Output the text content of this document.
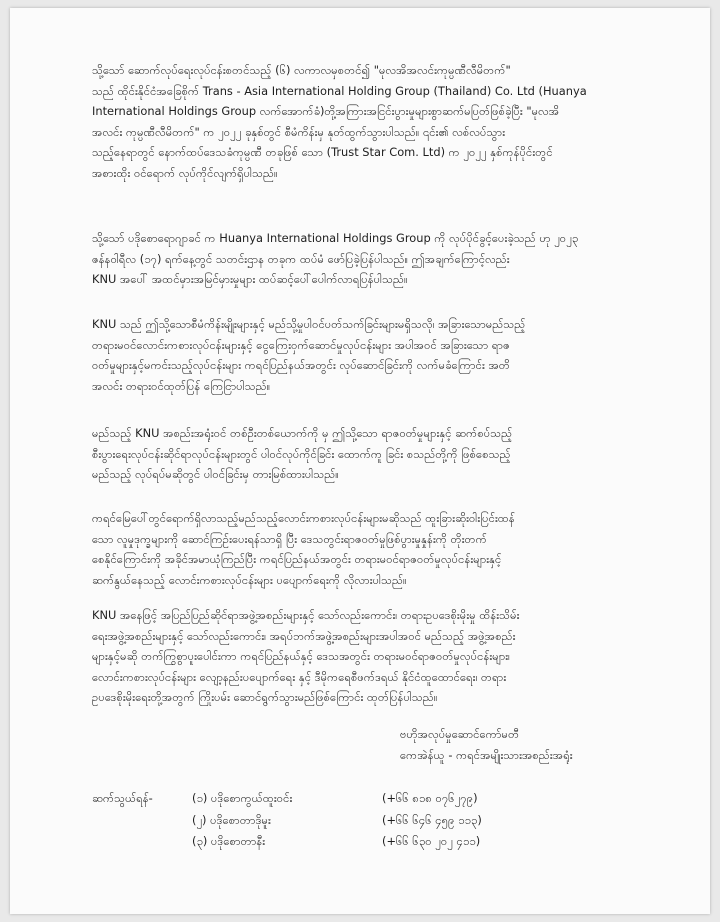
သို့သော် ဆောက်လုပ်ရေးလုပ်ငန်းစတင်သည့် (၆) လကာလမှစတင်၍ "မုလအိအလင်းကုမ္ပဏီလီမိတက်"
သည် ထိုင်းနိုင်ငံအခြေစိုက် Trans - Asia International Holding Group (Thailand) Co. Ltd (Huanya
International Holdings Group လက်အောက်ခံ)တို့အကြားအငြင်းပွားမှုများစွာဆက်မပြတ်ဖြစ်ခဲ့ပြီး "မုလအိ
အလင်း ကုမ္ပဏီလီမိတက်" က ၂၀၂၂ ခုနှစ်တွင် စီမံကိန်းမှ နုတ်ထွက်သွားပါသည်။ ၎င်း၏ လစ်လပ်သွား
သည့်နေရာတွင် နောက်ထပ်ဒေသခံကုမ္ပဏီ တခုဖြစ် သော (Trust Star Com. Ltd) က ၂၀၂၂ နှစ်ကုန်ပိုင်းတွင်
အစားထိုး ဝင်ရောက် လုပ်ကိုင်လျက်ရှိပါသည်။

သို့သော် ပဒိုစောရောဂျာခင် က Huanya International Holdings Group ကို လုပ်ပိုင်ခွင့်ပေးခဲ့သည် ဟု ၂၀၂၃
ဇန်နဝါရီလ (၁၇) ရက်နေ့တွင် သတင်းဌာန တခုက ထပ်မံ ဖော်ပြခဲ့ပြန်ပါသည်။ ဤအချက်ကြောင့်လည်း
KNU အပေါ် အထင်မှားအမြင်မှားမှုများ ထပ်ဆင့်ပေါ်ပေါက်လာရပြန်ပါသည်။

KNU သည် ဤသို့သောစီမံကိန်းမျိုးများနှင့် မည်သို့မှုပါဝင်ပတ်သက်ခြင်းများမရှိသလို၊ အခြားသောမည်သည့်
တရားမဝင်လောင်းကစားလုပ်ငန်းများနှင့် ငွေကြေးဝှက်ဆောင်မှုလုပ်ငန်းများ အပါအဝင် အခြားသော ရာဇ
ဝတ်မှုများနှင့်မကင်းသည့်လုပ်ငန်းများ ကရင်ပြည်နယ်အတွင်း လုပ်ဆောင်ခြင်းကို လက်မခံကြောင်း အတိ
အလင်း တရားဝင်ထုတ်ပြန် ကြေငြာပါသည်။

မည်သည့် KNU အစည်းအရုံးဝင် တစ်ဦးတစ်ယောက်ကို မှ ဤသို့သော ရာဇဝတ်မှုများနှင့် ဆက်စပ်သည့်
စီးပွားရေးလုပ်ငန်းဆိုင်ရာလုပ်ငန်းများတွင် ပါဝင်လုပ်ကိုင်ခြင်း ထောက်ကူ ခြင်း စသည်တို့ကို ဖြစ်စေသည့်
မည်သည့် လုပ်ရပ်မဆိုတွင် ပါဝင်ခြင်းမှ တားမြစ်ထားပါသည်။

ကရင်မြေပေါ်တွင်ရောက်ရှိလာသည့်မည်သည့်လောင်းကစားလုပ်ငန်းများမဆိုသည် ထူးခြားဆိုးဝါးပြင်းထန်
သော လူမှုဒုက္ခများကို ဆောင်ကြဉ်းပေးရန်သာရှိ ပြီး ဒေသတွင်းရာဇဝတ်မှုဖြစ်ပွားမှုနှုန်းကို တိုးတက်
စေနိုင်ကြောင်းကို အခိုင်အမာယုံကြည်ပြီး ကရင်ပြည်နယ်အတွင်း တရားမဝင်ရာဇဝတ်မှုလုပ်ငန်းများနှင့်
ဆက်နွယ်နေသည့် လောင်းကစားလုပ်ငန်းများ ပပျောက်ရေးကို လိုလားပါသည်။

KNU အနေဖြင့် အပြည်ပြည်ဆိုင်ရာအဖွဲ့အစည်းများနှင့် သော်လည်းကောင်း၊ တရားဥပဒေစိုးမိုးမှု ထိန်းသိမ်း
ရေးအဖွဲ့အစည်းများနှင့် သော်လည်းကောင်း၊ အရပ်ဘက်အဖွဲ့အစည်းများအပါအဝင် မည်သည့် အဖွဲ့အစည်း
များနှင့်မဆို တက်ကြွစွာပူးပေါင်းကာ ကရင်ပြည်နယ်နှင့် ဒေသအတွင်း တရားမဝင်ရာဇဝတ်မှုလုပ်ငန်းများ၊
လောင်းကစားလုပ်ငန်းများ လျော့နည်းပပျောက်ရေး နှင့် ဒီမိုကရေစီဖက်ဒရယ် နိုင်ငံထူထောင်ရေး၊ တရား
ဥပဒေစိုးမိုးရေးတို့အတွက် ကြိုးပမ်း ဆောင်ရွက်သွားမည်ဖြစ်ကြောင်း ထုတ်ပြန်ပါသည်။

ဗဟိုအလုပ်မှုဆောင်ကော်မတီ
ကေအဲန်ယူ - ကရင်အမျိုးသားအစည်းအရုံး
ဆက်သွယ်ရန်-	(၁) ပဒိုစောကွယ်ထူးဝင်း	(+၆၆ ၈၁၈ ၀၇၆၂၇၉)
(၂) ပဒိုစောတာဒိုမူး	(+၆၆ ၆၄၆ ၄၅၉ ၁၁၃)
(၃) ပဒိုစောတာနီး	(+၆၆ ၆၃၀ ၂၀၂ ၄၁၁)
